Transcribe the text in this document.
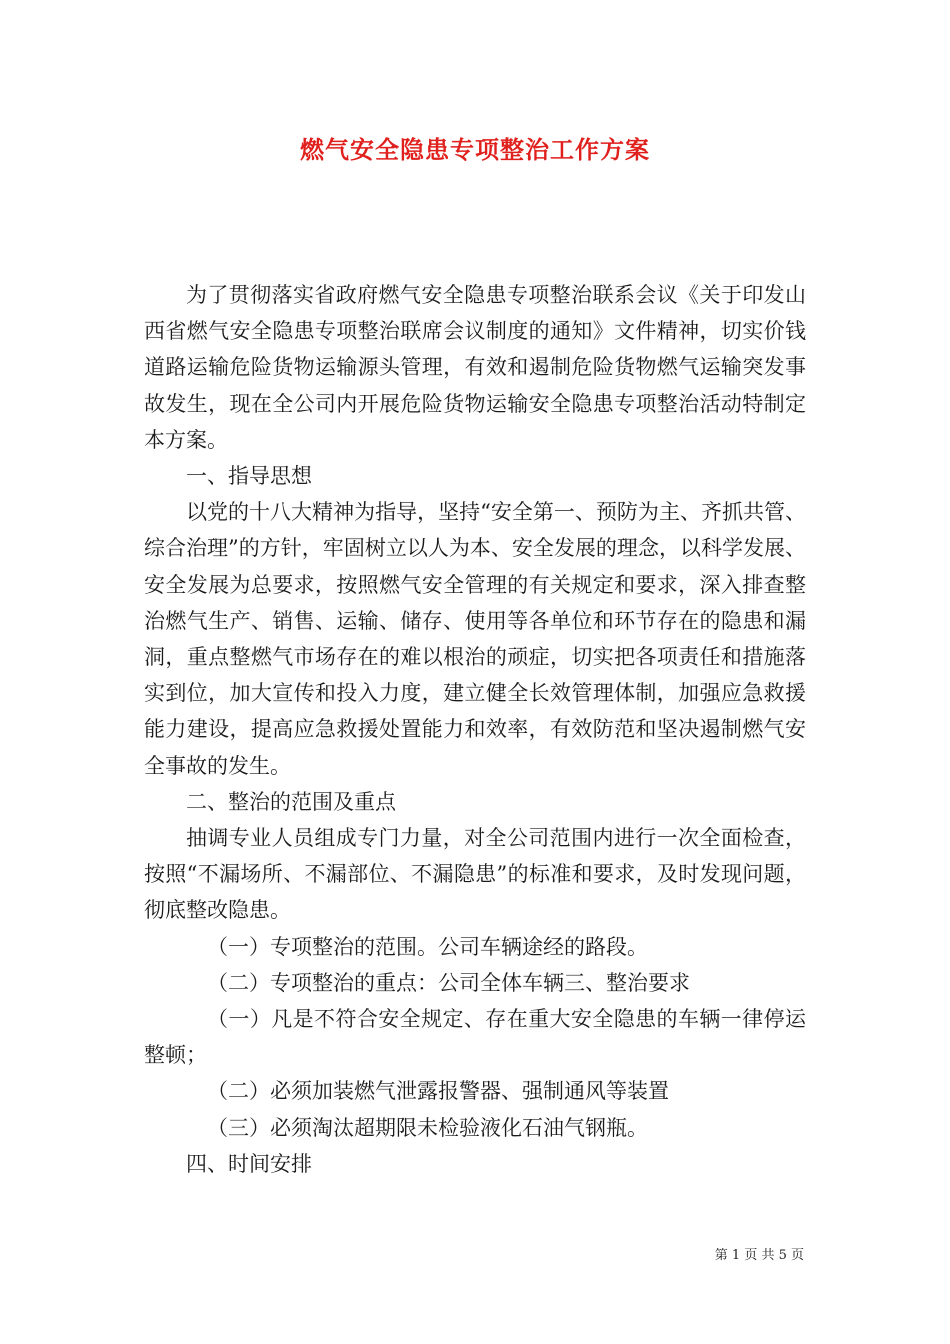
燃气安全隐患专项整治工作方案

为了贯彻落实省政府燃气安全隐患专项整治联系会议《关于印发山西省燃气安全隐患专项整治联席会议制度的通知》文件精神，切实价钱道路运输危险货物运输源头管理，有效和遏制危险货物燃气运输突发事故发生，现在全公司内开展危险货物运输安全隐患专项整治活动特制定本方案。

一、指导思想

以党的十八大精神为指导，坚持“安全第一、预防为主、齐抓共管、综合治理”的方针，牢固树立以人为本、安全发展的理念，以科学发展、安全发展为总要求，按照燃气安全管理的有关规定和要求，深入排查整治燃气生产、销售、运输、储存、使用等各单位和环节存在的隐患和漏洞，重点整燃气市场存在的难以根治的顽症，切实把各项责任和措施落实到位，加大宣传和投入力度，建立健全长效管理体制，加强应急救援能力建设，提高应急救援处置能力和效率，有效防范和坚决遏制燃气安全事故的发生。

二、整治的范围及重点

抽调专业人员组成专门力量，对全公司范围内进行一次全面检查，按照“不漏场所、不漏部位、不漏隐患”的标准和要求，及时发现问题，彻底整改隐患。

（一）专项整治的范围。公司车辆途经的路段。

（二）专项整治的重点：公司全体车辆三、整治要求

（一）凡是不符合安全规定、存在重大安全隐患的车辆一律停运整顿；

（二）必须加装燃气泄露报警器、强制通风等装置

（三）必须淘汰超期限未检验液化石油气钢瓶。

四、时间安排

第 1 页 共 5 页
